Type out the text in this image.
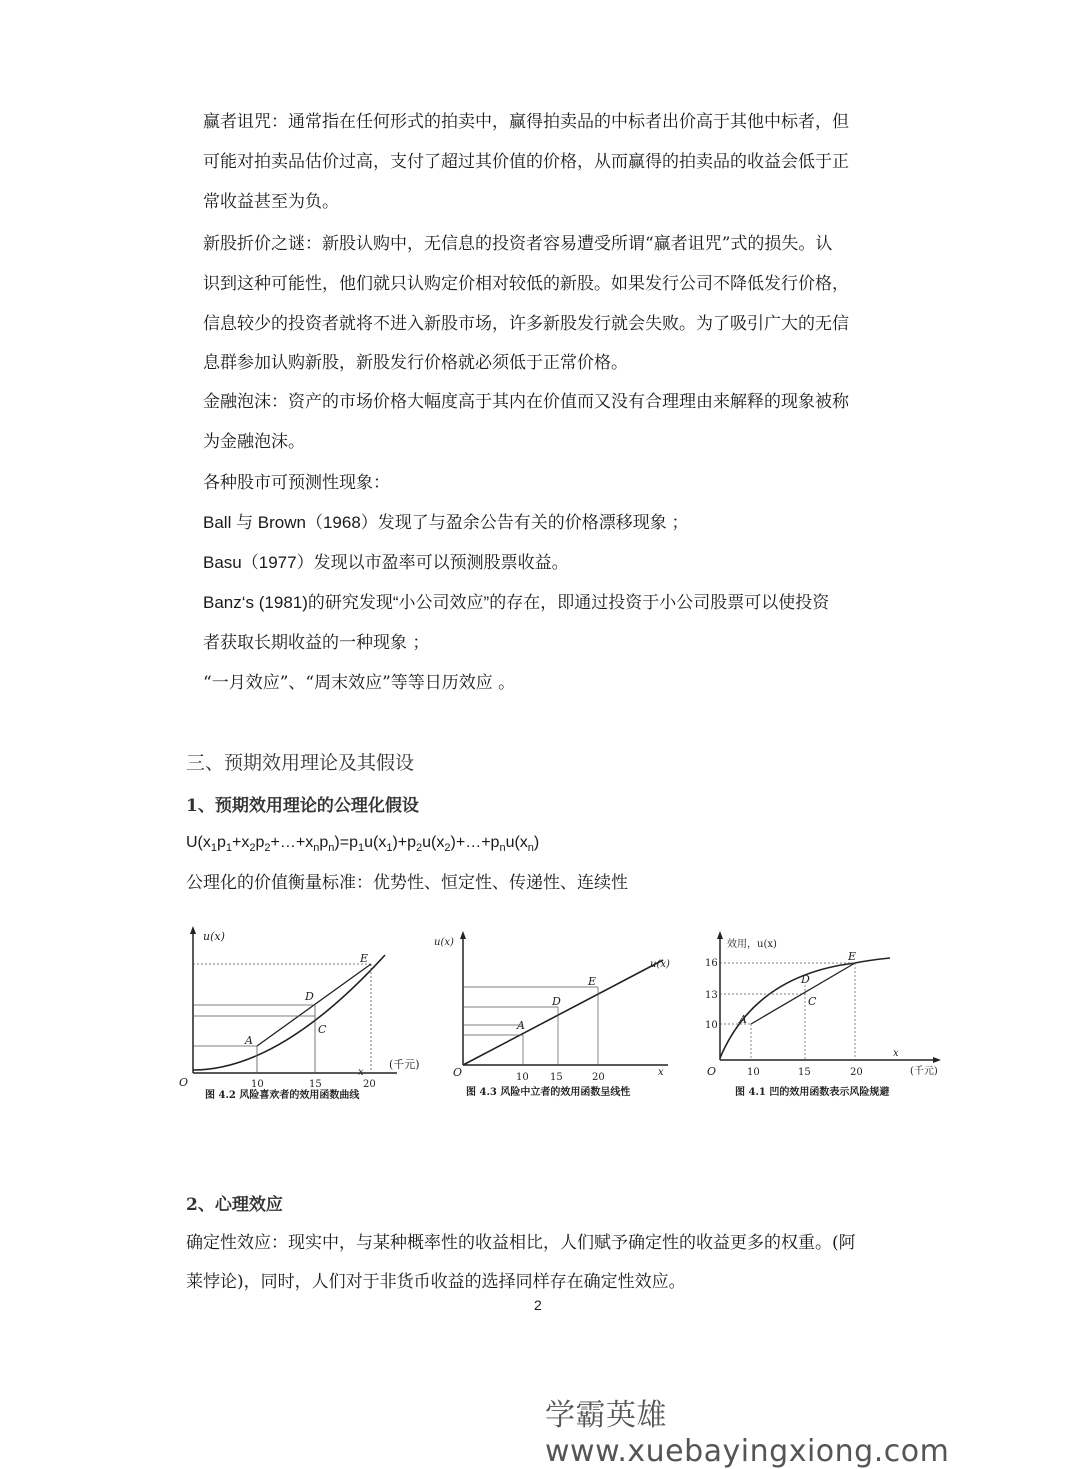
赢者诅咒：通常指在任何形式的拍卖中，赢得拍卖品的中标者出价高于其他中标者，但
可能对拍卖品估价过高，支付了超过其价值的价格，从而赢得的拍卖品的收益会低于正
常收益甚至为负。
新股折价之谜：新股认购中，无信息的投资者容易遭受所谓“赢者诅咒”式的损失。认
识到这种可能性，他们就只认购定价相对较低的新股。如果发行公司不降低发行价格，
信息较少的投资者就将不进入新股市场，许多新股发行就会失败。为了吸引广大的无信
息群参加认购新股，新股发行价格就必须低于正常价格。
金融泡沫：资产的市场价格大幅度高于其内在价值而又没有合理理由来解释的现象被称
为金融泡沫。
各种股市可预测性现象：
Ball 与 Brown（1968）发现了与盈余公告有关的价格漂移现象 ；
Basu（1977）发现以市盈率可以预测股票收益。
Banz‘s (1981)的研究发现“小公司效应”的存在，即通过投资于小公司股票可以使投资
者获取长期收益的一种现象 ；
“一月效应”、“周末效应”等等日历效应 。
三、预期效用理论及其假设
1、预期效用理论的公理化假设
$U(x_1p_1+x_2p_2+\dots+x_np_n)=p_1u(x_1)+p_2u(x_2)+\dots+p_nu(x_n)$
公理化的价值衡量标准：优势性、恒定性、传递性、连续性
u(x)
O
x
(千元)
10	15	20
A
C
D
E
图 4.2 风险喜欢者的效用函数曲线
u(x)
O	x
10 15	20
u(x)
A
D
E
图 4.3 风险中立者的效用函数呈线性
效用，u(x)
O
x
(千元)
10
13
16
10	15	20
A
C
D
E
图 4.1 凹的效用函数表示风险规避
2、心理效应
确定性效应：现实中，与某种概率性的收益相比，人们赋予确定性的收益更多的权重。(阿
莱悖论)，同时，人们对于非货币收益的选择同样存在确定性效应。
2
学霸英雄 www.xuebayingxiong.com
